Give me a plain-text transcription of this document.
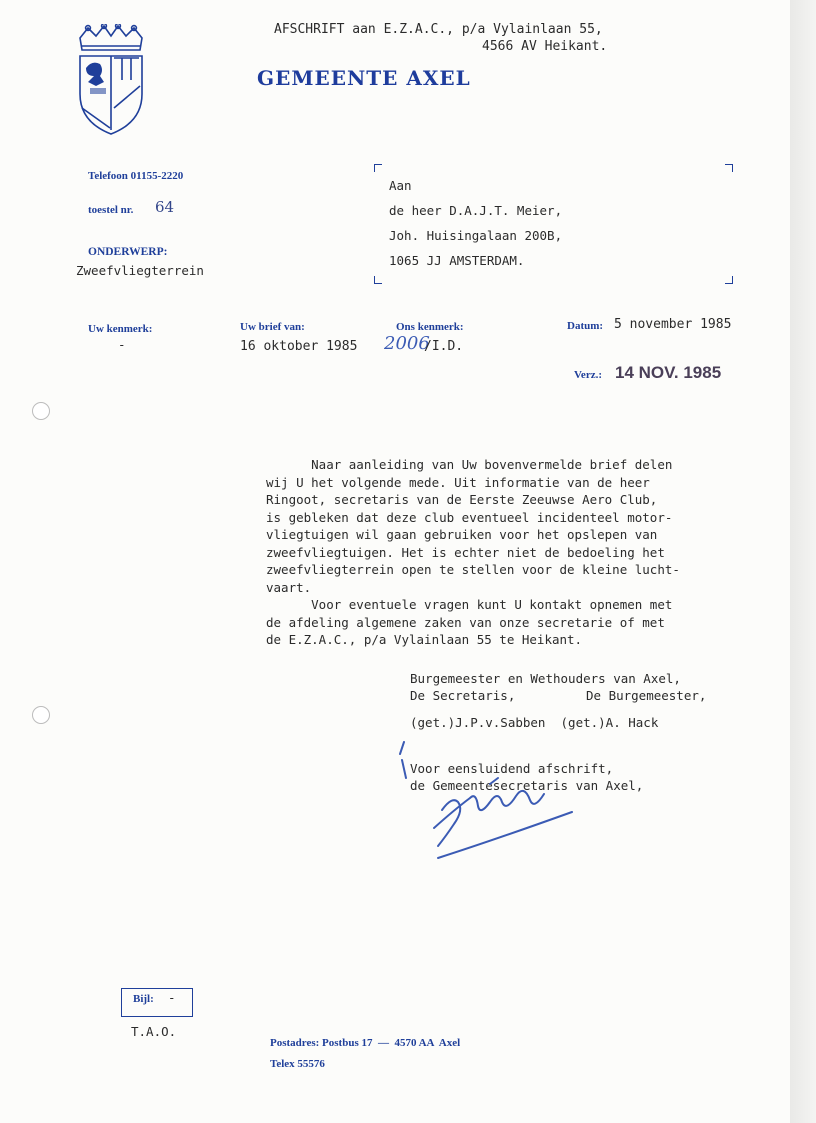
AFSCHRIFT aan E.Z.A.C., p/a Vylainlaan 55,
4566 AV Heikant.
GEMEENTE AXEL
Telefoon 01155-2220
toestel nr. 64
ONDERWERP:
Zweefvliegterrein
Aan
de heer D.A.J.T. Meier,
Joh. Huisingalaan 200B,
1065 JJ AMSTERDAM.
Uw kenmerk:
-
Uw brief van:
16 oktober 1985
Ons kenmerk:
2006
/I.D.
Datum: 5 november 1985
Verz.: 14 NOV. 1985
Naar aanleiding van Uw bovenvermelde brief delen
wij U het volgende mede. Uit informatie van de heer
Ringoot, secretaris van de Eerste Zeeuwse Aero Club,
is gebleken dat deze club eventueel incidenteel motor-
vliegtuigen wil gaan gebruiken voor het opslepen van
zweefvliegtuigen. Het is echter niet de bedoeling het
zweefvliegterrein open te stellen voor de kleine lucht-
vaart.
Voor eventuele vragen kunt U kontakt opnemen met
de afdeling algemene zaken van onze secretarie of met
de E.Z.A.C., p/a Vylainlaan 55 te Heikant.
Burgemeester en Wethouders van Axel,
De Secretaris,	De Burgemeester,
(get.)J.P.v.Sabben  (get.)A. Hack
Voor eensluidend afschrift,
de Gemeentesecretaris van Axel,
Bijl: -
T.A.O.
Postadres: Postbus 17  —  4570 AA  Axel
Telex 55576
